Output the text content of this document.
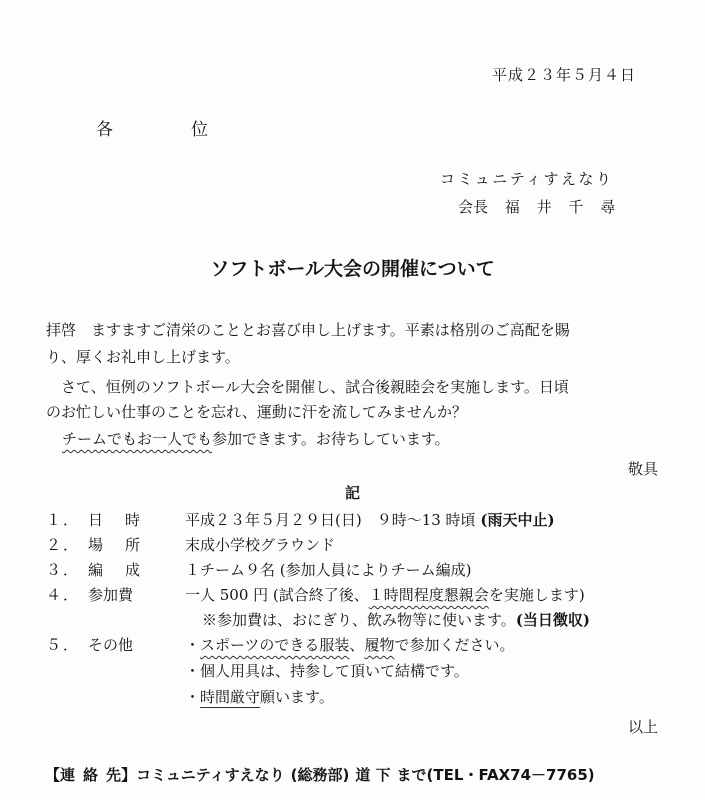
平成２３年５月４日
各	位
コミュニティすえなり
会長 福 井 千 尋
ソフトボール大会の開催について
拝啓　ますますご清栄のこととお喜び申し上げます。平素は格別のご高配を賜
り、厚くお礼申し上げます。
さて、恒例のソフトボール大会を開催し、試合後親睦会を実施します。日頃
のお忙しい仕事のことを忘れ、運動に汗を流してみませんか？
チームでもお一人でも参加できます。お待ちしています。
敬具
記
１． 日 時	平成２３年５月２９日(日)　９時～13 時頃 (雨天中止)
２． 場 所	末成小学校グラウンド
３． 編 成	１チーム９名 (参加人員によりチーム編成)
４． 参加費	一人 500 円 (試合終了後、１時間程度懇親会を実施します)
※参加費は、おにぎり、飲み物等に使います。(当日徴収)
５． その他	・スポーツのできる服装、履物で参加ください。
・個人用具は、持参して頂いて結構です。
・時間厳守願います。
以上
【連 絡 先】コミュニティすえなり (総務部) 道 下 まで(TEL・FAX74－7765)
